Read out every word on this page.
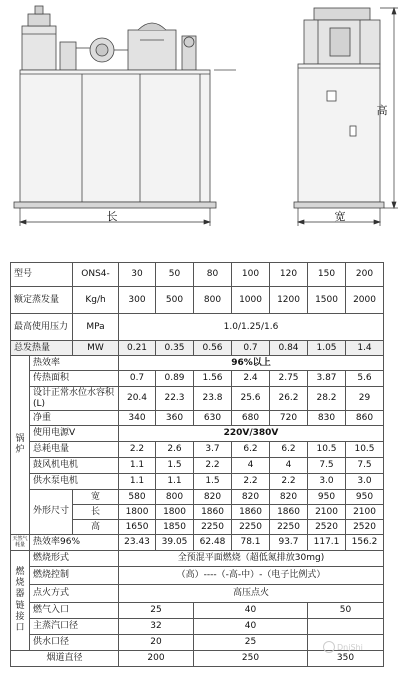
长	宽
高
型号		ONS4-	30	50	80	100	120	150	200
额定蒸发量		Kg/h	300	500	800	1000	1200	1500	2000
最高使用压力		MPa	1.0/1.25/1.6						
总发热量		MW	0.21	0.35	0.56	0.7	0.84	1.05	1.4
锅炉	热效率		96%以上						
	传热面积		0.7	0.89	1.56	2.4	2.75	3.87	5.6
	设计正常水位水容积(L)		20.4	22.3	23.8	25.6	26.2	28.2	29
	净重		340	360	630	680	720	830	860
	使用电源V		220V/380V						
	总耗电量		2.2	2.6	3.7	6.2	6.2	10.5	10.5
	鼓风机电机		1.1	1.5	2.2	4	4	7.5	7.5
	供水泵电机		1.1	1.1	1.5	2.2	2.2	3.0	3.0
	外形尺寸	宽	580	800	820	820	820	950	950
		长	1800	1800	1860	1860	1860	2100	2100
		高	1650	1850	2250	2250	2250	2520	2520
天然气耗量	热效率96%		23.43	39.05	62.48	78.1	93.7	117.1	156.2
燃烧器链接口	燃烧形式		全预混平面燃烧（超低氮排放30mg)						
	燃烧控制		（高）----（-高-中）-（电子比例式）						
	点火方式		高压点火						
	燃气入口		25		40			50	
	主蒸汽口径		32		40				
	供水口径		20		25				
烟道直径			200		250			350	
DnjShi
